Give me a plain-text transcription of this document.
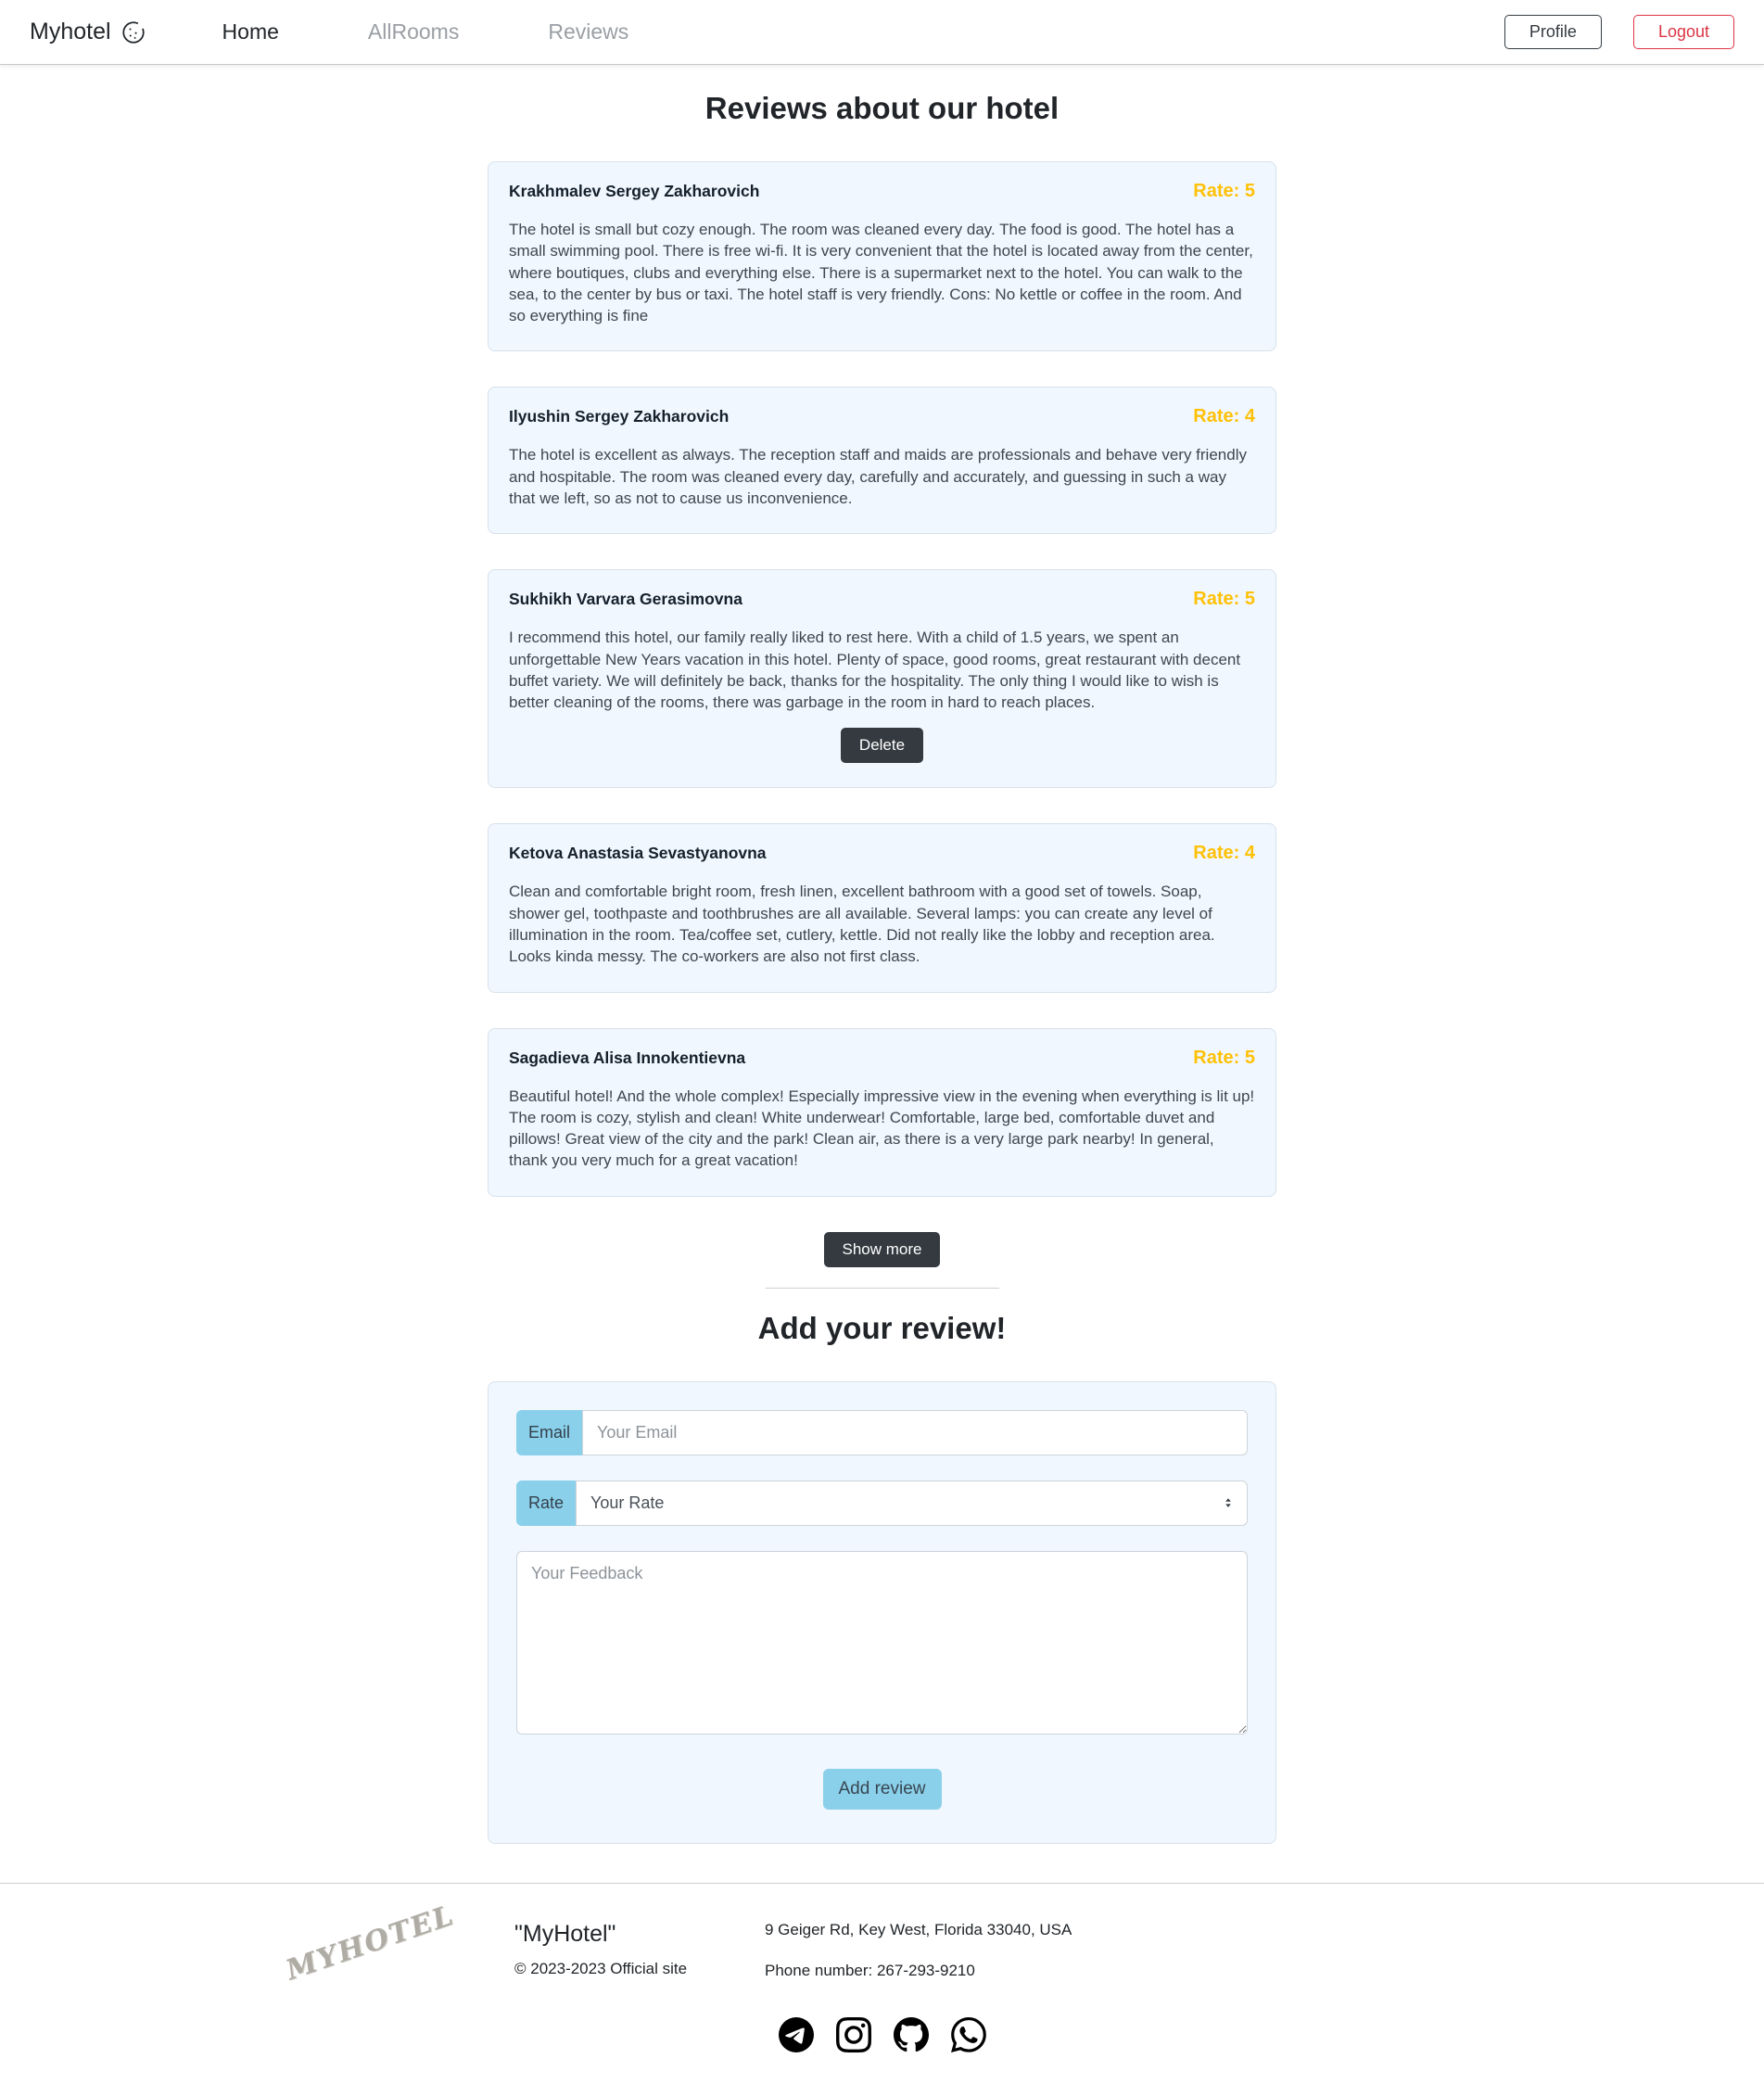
Myhotel	Home	AllRooms	Reviews	Profile	Logout
Reviews about our hotel
Krakhmalev Sergey Zakharovich	Rate: 5

The hotel is small but cozy enough. The room was cleaned every day. The food is good. The hotel has a small swimming pool. There is free wi-fi. It is very convenient that the hotel is located away from the center, where boutiques, clubs and everything else. There is a supermarket next to the hotel. You can walk to the sea, to the center by bus or taxi. The hotel staff is very friendly. Cons: No kettle or coffee in the room. And so everything is fine

Ilyushin Sergey Zakharovich	Rate: 4

The hotel is excellent as always. The reception staff and maids are professionals and behave very friendly and hospitable. The room was cleaned every day, carefully and accurately, and guessing in such a way that we left, so as not to cause us inconvenience.

Sukhikh Varvara Gerasimovna	Rate: 5

I recommend this hotel, our family really liked to rest here. With a child of 1.5 years, we spent an unforgettable New Years vacation in this hotel. Plenty of space, good rooms, great restaurant with decent buffet variety. We will definitely be back, thanks for the hospitality. The only thing I would like to wish is better cleaning of the rooms, there was garbage in the room in hard to reach places.

Delete
Ketova Anastasia Sevastyanovna	Rate: 4

Clean and comfortable bright room, fresh linen, excellent bathroom with a good set of towels. Soap, shower gel, toothpaste and toothbrushes are all available. Several lamps: you can create any level of illumination in the room. Tea/coffee set, cutlery, kettle. Did not really like the lobby and reception area. Looks kinda messy. The co-workers are also not first class.

Sagadieva Alisa Innokentievna	Rate: 5

Beautiful hotel! And the whole complex! Especially impressive view in the evening when everything is lit up! The room is cozy, stylish and clean! White underwear! Comfortable, large bed, comfortable duvet and pillows! Great view of the city and the park! Clean air, as there is a very large park nearby! In general, thank you very much for a great vacation!

Show more
Add your review!
Email
Your Email
Rate
Your Rate
Your Feedback
Add review
MYHOTEL "MyHotel"
© 2023-2023 Official site
9 Geiger Rd, Key West, Florida 33040, USA
Phone number: 267-293-9210
